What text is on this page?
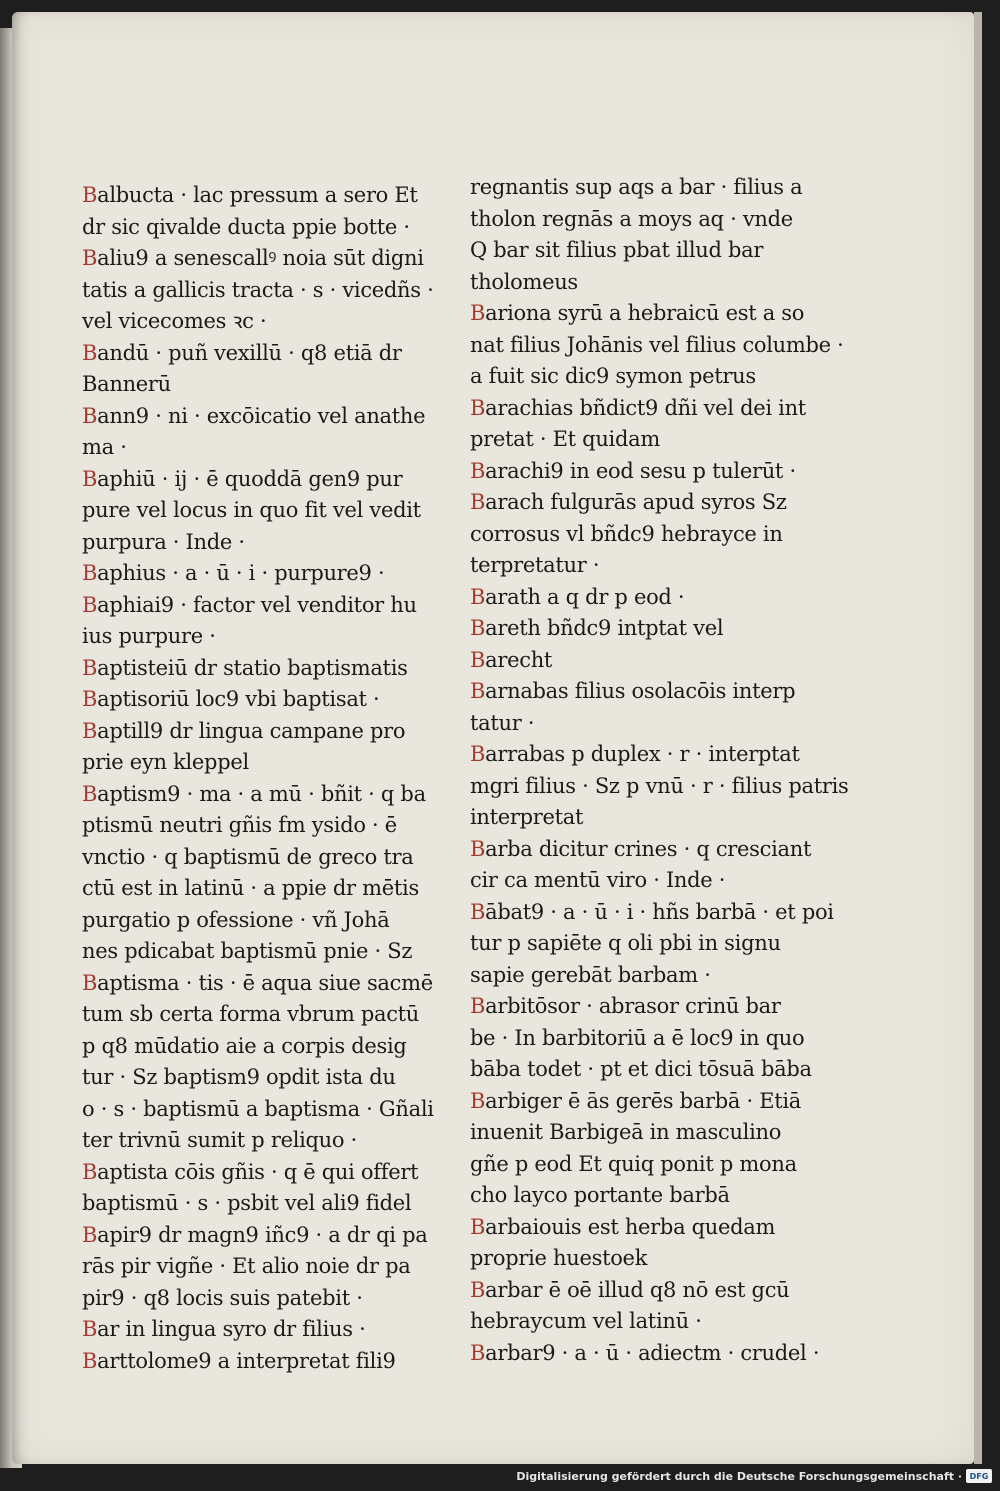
Balbucta · lac pressum a sero Et
dr sic qivalde ducta ppie botte ·
Baliu9 a senescallꝰ noia sūt digni
tatis a gallicis tracta · s · vicedñs ·
vel vicecomes ꝛc ·
Bandū · puñ vexillū · q8 etiā dr
Bannerū
Bann9 · ni · excōicatio vel anathe
ma ·
Baphiū · ij · ē quoddā gen9 pur
pure vel locus in quo fit vel vedit
purpura · Inde ·
Baphius · a · ū · i · purpure9 ·
Baphiai9 · factor vel venditor hu
ius purpure ·
Baptisteiū dr statio baptismatis
Baptisoriū loc9 vbi baptisat ·
Baptill9 dr lingua campane pro
prie eyn kleppel
Baptism9 · ma · a mū · bñit · q ba
ptismū neutri gñis fm ysido · ē
vnctio · q baptismū de greco tra
ctū est in latinū · a ppie dr mētis
purgatio p ofessione · vñ Johā
nes pdicabat baptismū pnie · Sz
Baptisma · tis · ē aqua siue sacmē
tum sb certa forma vbrum pactū
p q8 mūdatio aie a corpis desig
tur · Sz baptism9 opdit ista du
o · s · baptismū a baptisma · Gñali
ter trivnū sumit p reliquo ·
Baptista cōis gñis · q ē qui offert
baptismū · s · psbit vel ali9 fidel
Bapir9 dr magn9 iñc9 · a dr qi pa
rās pir vigñe · Et alio noie dr pa
pir9 · q8 locis suis patebit ·
Bar in lingua syro dr filius ·
Barttolome9 a interpretat fili9
regnantis sup aqs a bar · filius a
tholon regnās a moys aq · vnde
Q bar sit filius pbat illud bar
tholomeus
Bariona syrū a hebraicū est a so
nat filius Johānis vel filius columbe ·
a fuit sic dic9 symon petrus
Barachias bñdict9 dñi vel dei int
pretat · Et quidam
Barachi9 in eod sesu p tulerūt ·
Barach fulgurās apud syros Sz
corrosus vl bñdc9 hebrayce in
terpretatur ·
Barath a q dr p eod ·
Bareth bñdc9 intptat vel
Barecht
Barnabas filius osolacōis interp
tatur ·
Barrabas p duplex · r · interptat
mgri filius · Sz p vnū · r · filius patris
interpretat
Barba dicitur crines · q cresciant
cir ca mentū viro · Inde ·
Bābat9 · a · ū · i · hñs barbā · et poi
tur p sapiēte q oli pbi in signu
sapie gerebāt barbam ·
Barbitōsor · abrasor crinū bar
be · In barbitoriū a ē loc9 in quo
bāba todet · pt et dici tōsuā bāba
Barbiger ē ās gerēs barbā · Etiā
inuenit Barbigeā in masculino
gñe p eod Et quiq ponit p mona
cho layco portante barbā
Barbaiouis est herba quedam
proprie huestoek
Barbar ē oē illud q8 nō est gcū
hebraycum vel latinū ·
Barbar9 · a · ū · adiectm · crudel ·
Digitalisierung gefördert durch die Deutsche Forschungsgemeinschaft · DFG
